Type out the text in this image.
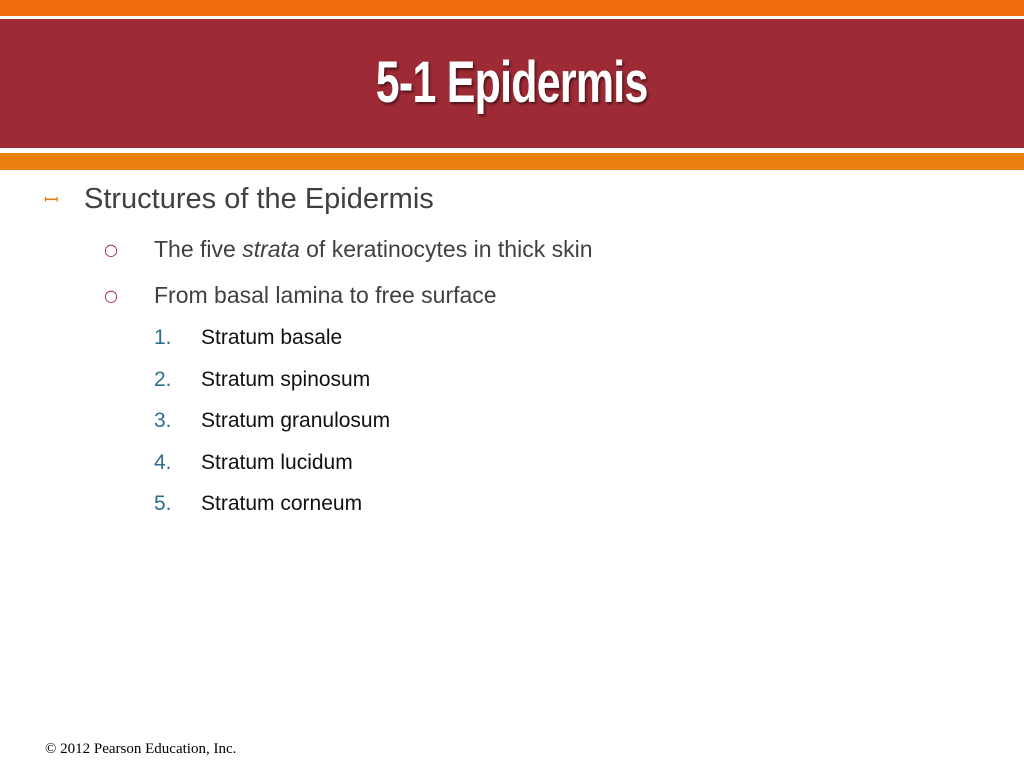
5-1 Epidermis
ꟷ Structures of the Epidermis
○	The five strata of keratinocytes in thick skin
○	From basal lamina to free surface
1.	Stratum basale
2.	Stratum spinosum
3.	Stratum granulosum
4.	Stratum lucidum
5.	Stratum corneum
© 2012 Pearson Education, Inc.
